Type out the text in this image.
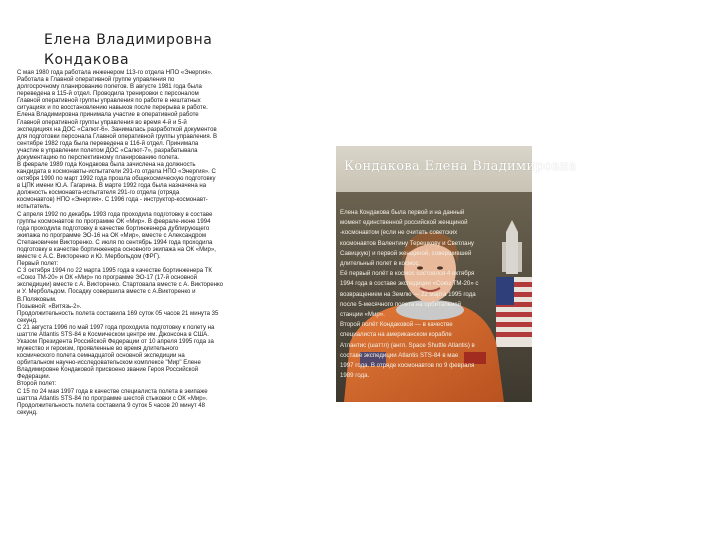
Елена Владимировна
Кондакова
С мая 1980 года работала инженером 113-го отдела НПО «Энергия».
Работала в Главной оперативной группе управления по
долгосрочному планированию полетов. В августе 1981 года была
переведена в 115-й отдел. Проводила тренировки с персоналом
Главной оперативной группы управления по работе в нештатных
ситуациях и по восстановлению навыков после перерыва в работе.
Елена Владимировна принимала участие в оперативной работе
Главной оперативной группы управления во время 4-й и 5-й
экспедициях на ДОС «Салют-6». Занималась разработкой документов
для подготовки персонала Главной оперативной группы управления. В
сентябре 1982 года была переведена в 116-й отдел. Принимала
участие в управлении полетом ДОС «Салют-7», разрабатывала
документацию по перспективному планированию полета.
В феврале 1989 года Кондакова была зачислена на должность
кандидата в космонавты-испытатели 291-го отдела НПО «Энергия». С
октября 1990 по март 1992 года прошла общекосмическую подготовку
в ЦПК имени Ю.А. Гагарина. В марте 1992 года была назначена на
должность космонавта-испытателя 291-го отдела (отряда
космонавтов) НПО «Энергия». С 1996 года - инструктор-космонавт-
испытатель.
С апреля 1992 по декабрь 1993 года проходила подготовку в составе
группы космонавтов по программе ОК «Мир». В феврале-июне 1994
года проходила подготовку в качестве бортинженера дублирующего
экипажа по программе ЭО-16 на ОК «Мир», вместе с Александром
Степановичем Викторенко. С июля по сентябрь 1994 года проходила
подготовку в качестве бортинженера основного экипажа на ОК «Мир»,
вместе с А.С. Викторенко и Ю. Мербольдом (ФРГ).
Первый полет:
С 3 октября 1994 по 22 марта 1995 года в качестве бортинженера ТК
«Союз ТМ-20» и ОК «Мир» по программе ЭО-17 (17-й основной
экспедиции) вместе с А. Викторенко. Стартовала вместе с А. Викторенко
и У. Мербольдом. Посадку совершила вместе с А.Викторенко и
В.Поляковым.
Позывной: «Витязь-2».
Продолжительность полета составила 169 суток 05 часов 21 минута 35
секунд.
С 21 августа 1996 по май 1997 года проходила подготовку к полету на
шаттле Atlantis STS-84 в Космическом центре им. Джонсона в США.
Указом Президента Российской Федерации от 10 апреля 1995 года за
мужество и героизм, проявленные во время длительного
космического полета семнадцатой основной экспедиции на
орбитальном научно-исследовательском комплексе "Мир" Елене
Владимировне Кондаковой присвоено звание Героя Российской
Федерации.
Второй полет:
С 15 по 24 мая 1997 года в качестве специалиста полета в экипаже
шаттла Atlantis STS-84 по программе шестой стыковки с ОК «Мир».
Продолжительность полета составила 9 суток 5 часов 20 минут 48
секунд.
Кондакова Елена Владимировна
Елена Кондакова была первой и на данный
момент единственной российской женщиной
-космонавтом (если не считать советских
космонавтов Валентину Терешкову и Светлану
Савицкую) и первой женщиной, совершившей
длительный полет в космос.
Её первый полёт в космос состоялся 4 октября
1994 года в составе экспедиции «Союз ТМ-20» с
возвращением на Землю — 22 марта 1995 года
после 5-месячного полета на орбитальной
станции «Мир».
Второй полёт Кондаковой — в качестве
специалиста на американском корабле
Атлантис (шаттл) (англ. Space Shuttle Atlantis) в
составе экспедиции Atlantis STS-84 в мае
1997 года. В отряде космонавтов по 9 февраля
1989 года.
